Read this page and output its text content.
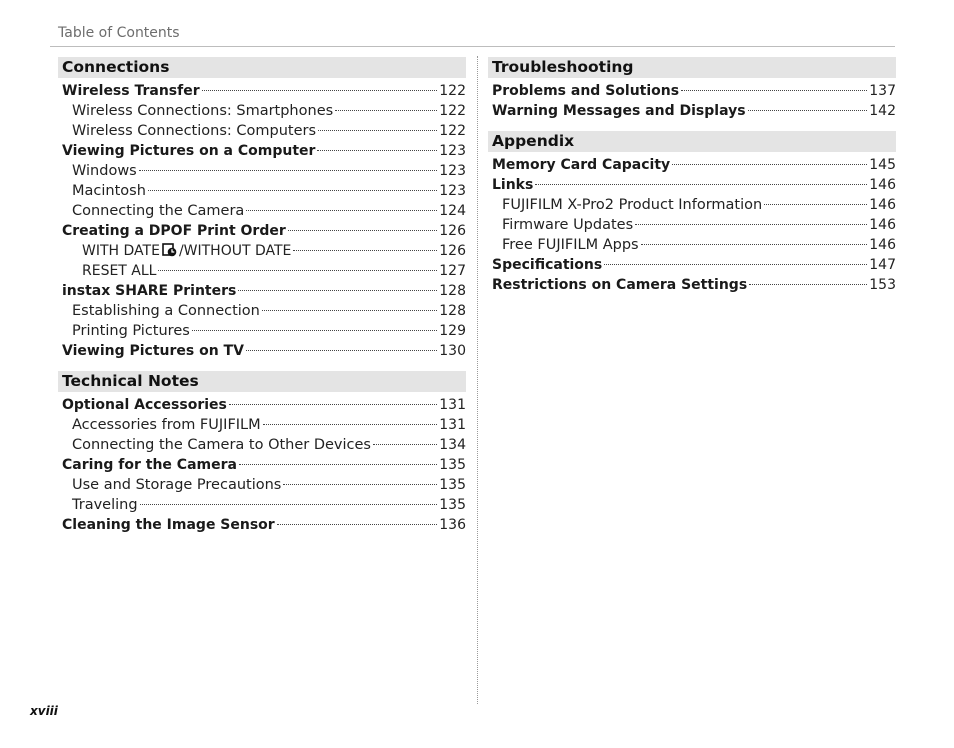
Table of Contents
Connections
Wireless Transfer	122
Wireless Connections: Smartphones	122
Wireless Connections: Computers	122
Viewing Pictures on a Computer	123
Windows	123
Macintosh	123
Connecting the Camera	124
Creating a DPOF Print Order	126
WITH DATE /WITHOUT DATE	126
RESET ALL	127
instax SHARE Printers	128
Establishing a Connection	128
Printing Pictures	129
Viewing Pictures on TV	130
Technical Notes
Optional Accessories	131
Accessories from FUJIFILM	131
Connecting the Camera to Other Devices	134
Caring for the Camera	135
Use and Storage Precautions	135
Traveling	135
Cleaning the Image Sensor	136
Troubleshooting
Problems and Solutions	137
Warning Messages and Displays	142
Appendix
Memory Card Capacity	145
Links	146
FUJIFILM X-Pro2 Product Information	146
Firmware Updates	146
Free FUJIFILM Apps	146
Specifications	147
Restrictions on Camera Settings	153
xviii
